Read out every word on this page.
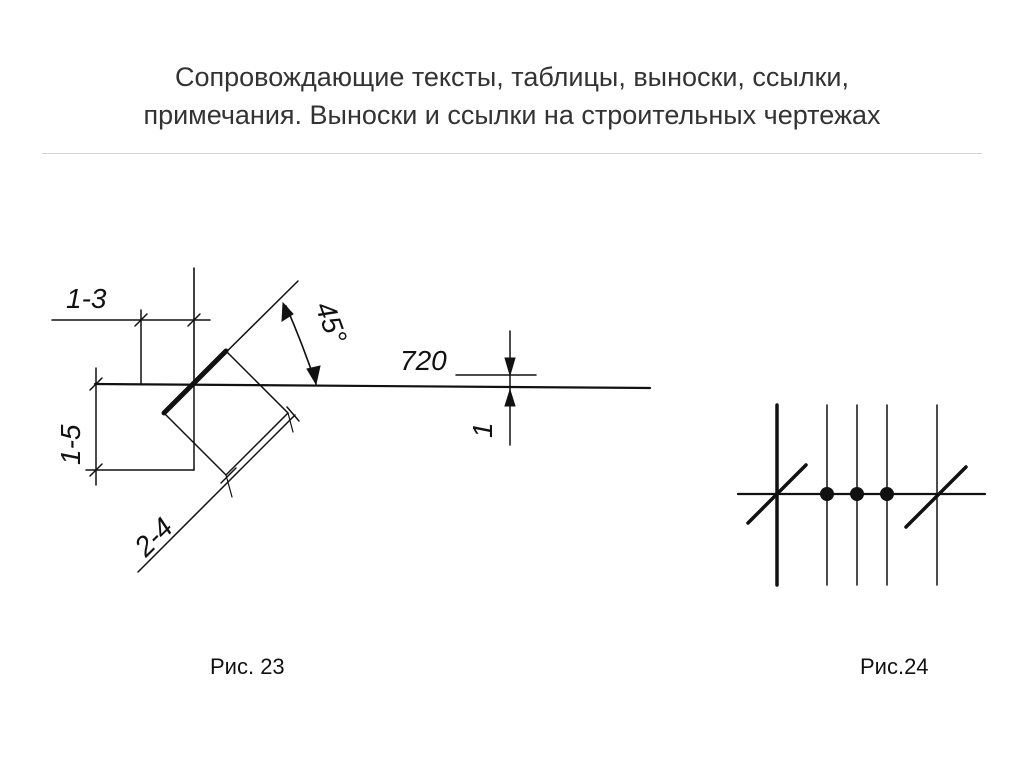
Сопровождающие тексты, таблицы, выноски, ссылки,
примечания. Выноски и ссылки на строительных чертежах
1-3
1-5
2-4
45°
720
1
Рис. 23	Рис.24
